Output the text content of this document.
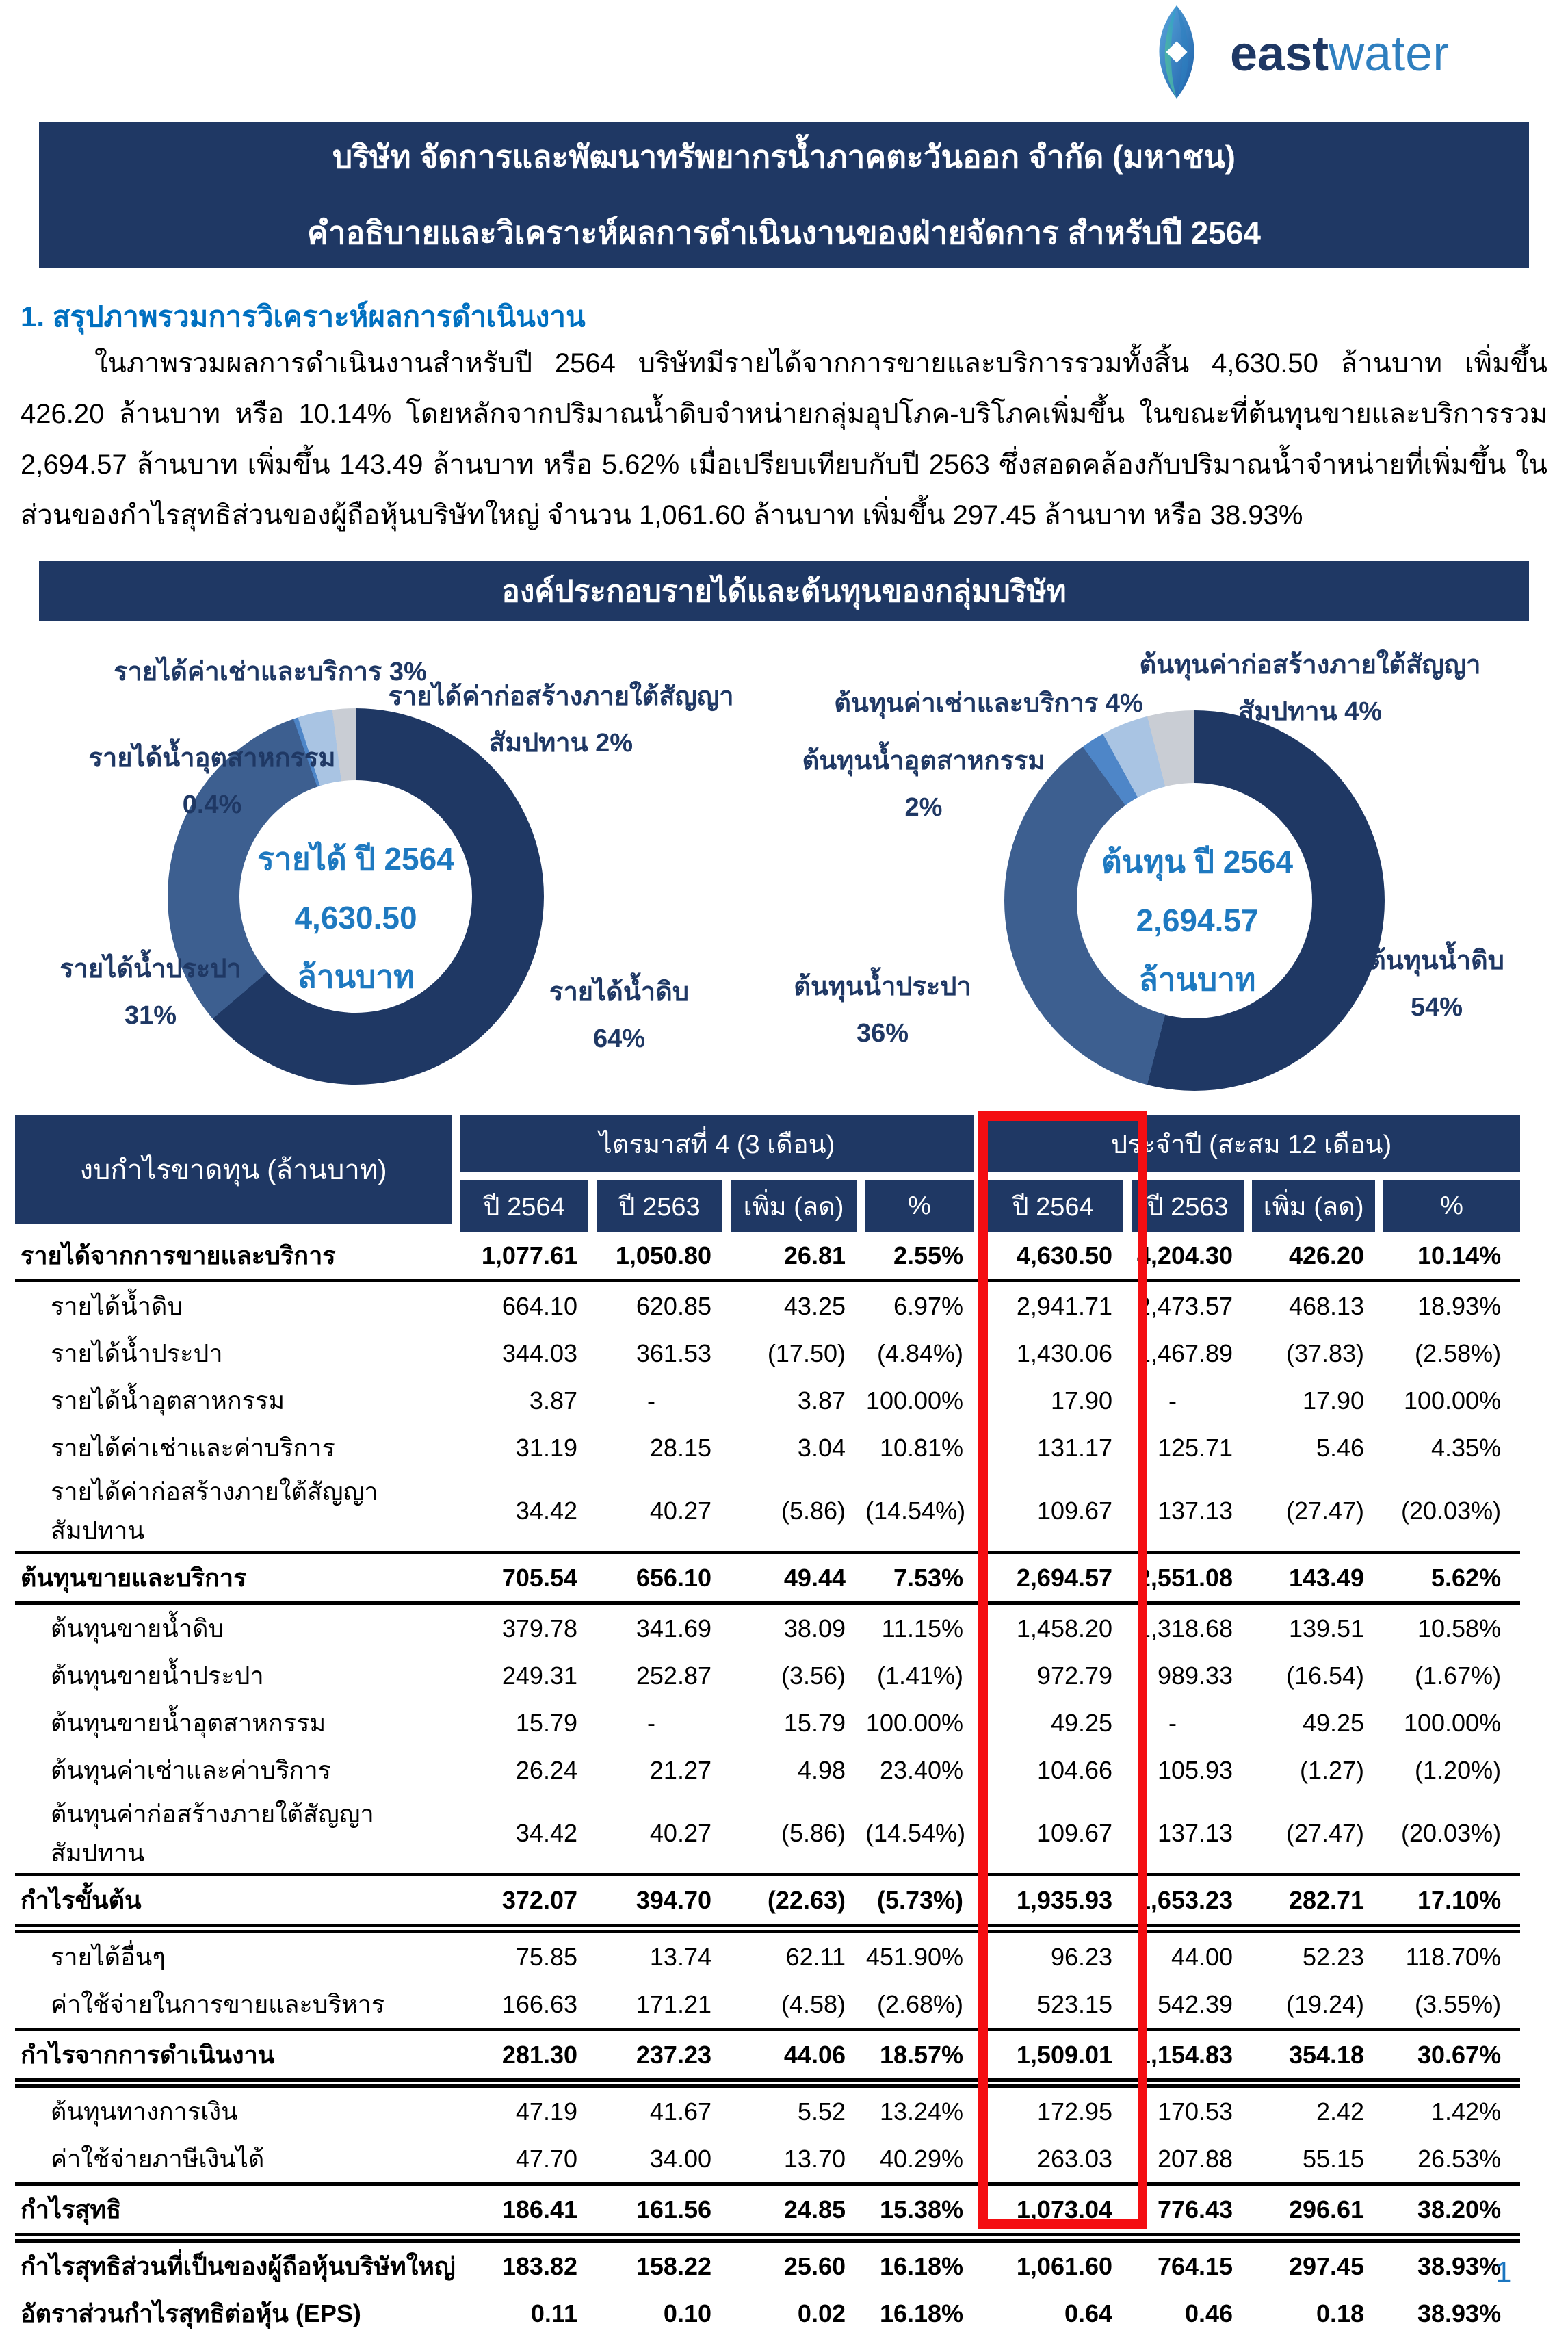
eastwater
บริษัท จัดการและพัฒนาทรัพยากรน้ำภาคตะวันออก จำกัด (มหาชน)
คำอธิบายและวิเคราะห์ผลการดำเนินงานของฝ่ายจัดการ สำหรับปี 2564
1. สรุปภาพรวมการวิเคราะห์ผลการดำเนินงาน
ในภาพรวมผลการดำเนินงานสำหรับปี 2564 บริษัทมีรายได้จากการขายและบริการรวมทั้งสิ้น 4,630.50 ล้านบาท เพิ่มขึ้น 426.20 ล้านบาท หรือ 10.14% โดยหลักจากปริมาณน้ำดิบจำหน่ายกลุ่มอุปโภค-บริโภคเพิ่มขึ้น ในขณะที่ต้นทุนขายและบริการรวม 2,694.57 ล้านบาท เพิ่มขึ้น 143.49 ล้านบาท หรือ 5.62% เมื่อเปรียบเทียบกับปี 2563 ซึ่งสอดคล้องกับปริมาณน้ำจำหน่ายที่เพิ่มขึ้น ในส่วนของกำไรสุทธิส่วนของผู้ถือหุ้นบริษัทใหญ่ จำนวน 1,061.60 ล้านบาท เพิ่มขึ้น 297.45 ล้านบาท หรือ 38.93%
องค์ประกอบรายได้และต้นทุนของกลุ่มบริษัท
รายได้ ปี 2564
4,630.50
ล้านบาท
รายได้ค่าเช่าและบริการ 3%
รายได้ค่าก่อสร้างภายใต้สัญญา
สัมปทาน 2%
รายได้น้ำอุตสาหกรรม
0.4%
รายได้น้ำประปา
31%
รายได้น้ำดิบ
64%
ต้นทุน ปี 2564
2,694.57
ล้านบาท
ต้นทุนค่าก่อสร้างภายใต้สัญญา
สัมปทาน 4%
ต้นทุนค่าเช่าและบริการ 4%
ต้นทุนน้ำอุตสาหกรรม
2%
ต้นทุนน้ำประปา
36%
ต้นทุนน้ำดิบ
54%
งบกำไรขาดทุน (ล้านบาท)	ไตรมาสที่ 4 (3 เดือน)				ประจำปี (สะสม 12 เดือน)			
	ปี 2564	ปี 2563	เพิ่ม (ลด)	%	ปี 2564	ปี 2563	เพิ่ม (ลด)	%
รายได้จากการขายและบริการ	1,077.61	1,050.80	26.81	2.55%	4,630.50	4,204.30	426.20	10.14%
รายได้น้ำดิบ	664.10	620.85	43.25	6.97%	2,941.71	2,473.57	468.13	18.93%
รายได้น้ำประปา	344.03	361.53	(17.50)	(4.84%)	1,430.06	1,467.89	(37.83)	(2.58%)
รายได้น้ำอุตสาหกรรม	3.87	-	3.87	100.00%	17.90	-	17.90	100.00%
รายได้ค่าเช่าและค่าบริการ	31.19	28.15	3.04	10.81%	131.17	125.71	5.46	4.35%
รายได้ค่าก่อสร้างภายใต้สัญญาสัมปทาน	34.42	40.27	(5.86)	(14.54%)	109.67	137.13	(27.47)	(20.03%)
ต้นทุนขายและบริการ	705.54	656.10	49.44	7.53%	2,694.57	2,551.08	143.49	5.62%
ต้นทุนขายน้ำดิบ	379.78	341.69	38.09	11.15%	1,458.20	1,318.68	139.51	10.58%
ต้นทุนขายน้ำประปา	249.31	252.87	(3.56)	(1.41%)	972.79	989.33	(16.54)	(1.67%)
ต้นทุนขายน้ำอุตสาหกรรม	15.79	-	15.79	100.00%	49.25	-	49.25	100.00%
ต้นทุนค่าเช่าและค่าบริการ	26.24	21.27	4.98	23.40%	104.66	105.93	(1.27)	(1.20%)
ต้นทุนค่าก่อสร้างภายใต้สัญญาสัมปทาน	34.42	40.27	(5.86)	(14.54%)	109.67	137.13	(27.47)	(20.03%)
กำไรขั้นต้น	372.07	394.70	(22.63)	(5.73%)	1,935.93	1,653.23	282.71	17.10%
รายได้อื่นๆ	75.85	13.74	62.11	451.90%	96.23	44.00	52.23	118.70%
ค่าใช้จ่ายในการขายและบริหาร	166.63	171.21	(4.58)	(2.68%)	523.15	542.39	(19.24)	(3.55%)
กำไรจากการดำเนินงาน	281.30	237.23	44.06	18.57%	1,509.01	1,154.83	354.18	30.67%
ต้นทุนทางการเงิน	47.19	41.67	5.52	13.24%	172.95	170.53	2.42	1.42%
ค่าใช้จ่ายภาษีเงินได้	47.70	34.00	13.70	40.29%	263.03	207.88	55.15	26.53%
กำไรสุทธิ	186.41	161.56	24.85	15.38%	1,073.04	776.43	296.61	38.20%
กำไรสุทธิส่วนที่เป็นของผู้ถือหุ้นบริษัทใหญ่	183.82	158.22	25.60	16.18%	1,061.60	764.15	297.45	38.93%
อัตราส่วนกำไรสุทธิต่อหุ้น (EPS)	0.11	0.10	0.02	16.18%	0.64	0.46	0.18	38.93%
1
